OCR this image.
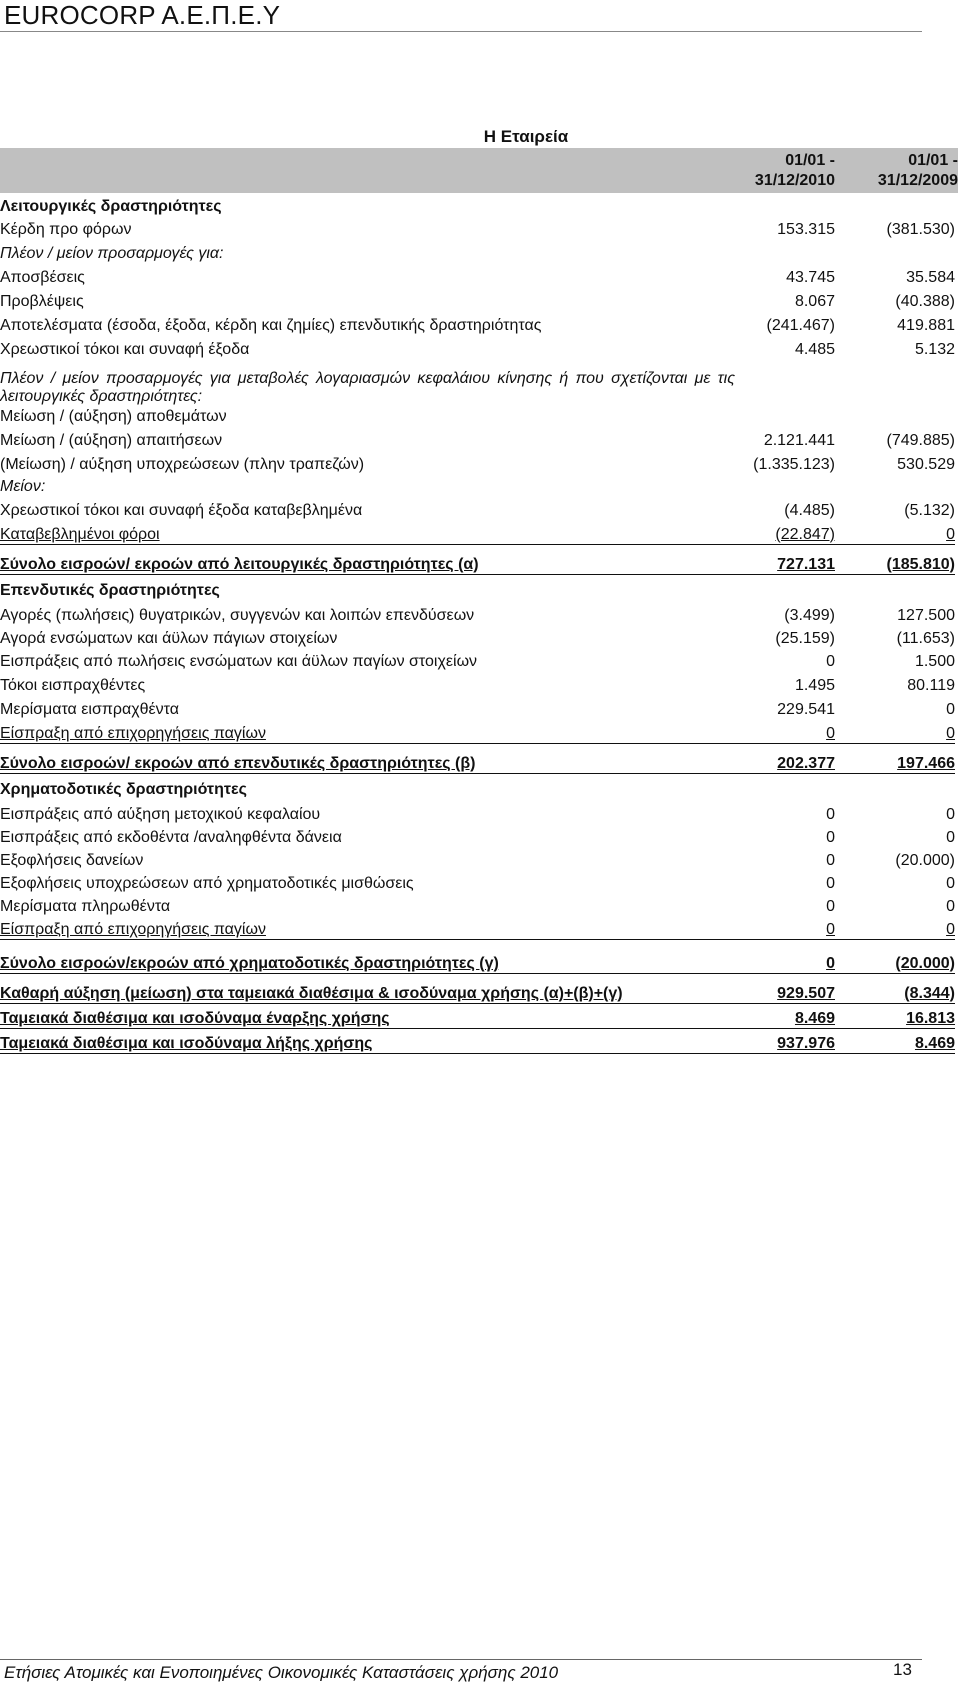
EUROCORP A.E.Π.E.Y
Η Εταιρεία
01/01 - 31/12/2010
01/01 - 31/12/2009
Λειτουργικές δραστηριότητες		
Κέρδη προ φόρων	153.315	(381.530)
Πλέον / μείον προσαρμογές για:		
Αποσβέσεις	43.745	35.584
Προβλέψεις	8.067	(40.388)
Αποτελέσματα (έσοδα, έξοδα, κέρδη και ζημίες) επενδυτικής δραστηριότητας	(241.467)	419.881
Χρεωστικοί τόκοι και συναφή έξοδα	4.485	5.132
Πλέον / μείον προσαρμογές για μεταβολές λογαριασμών κεφαλάιου κίνησης ή που σχετίζονται με τις λειτουργικές δραστηριότητες:		
Μείωση / (αύξηση) αποθεμάτων		
Μείωση / (αύξηση) απαιτήσεων	2.121.441	(749.885)
(Μείωση) / αύξηση υποχρεώσεων (πλην τραπεζών)	(1.335.123)	530.529
Μείον:		
Χρεωστικοί τόκοι και συναφή έξοδα καταβεβλημένα	(4.485)	(5.132)
Καταβεβλημένοι φόροι	(22.847)	0
Σύνολο εισροών/ εκροών από λειτουργικές δραστηριότητες (α)	727.131	(185.810)
Επενδυτικές δραστηριότητες		
Αγορές (πωλήσεις) θυγατρικών, συγγενών και λοιπών επενδύσεων	(3.499)	127.500
Αγορά ενσώματων και άϋλων πάγιων στοιχείων	(25.159)	(11.653)
Εισπράξεις από πωλήσεις ενσώματων και άϋλων παγίων στοιχείων	0	1.500
Τόκοι εισπραχθέντες	1.495	80.119
Μερίσματα εισπραχθέντα	229.541	0
Είσπραξη από επιχορηγήσεις παγίων	0	0
Σύνολο εισροών/ εκροών από επενδυτικές δραστηριότητες (β)	202.377	197.466
Χρηματοδοτικές δραστηριότητες		
Εισπράξεις από αύξηση μετοχικού κεφαλαίου	0	0
Εισπράξεις από εκδοθέντα /αναληφθέντα δάνεια	0	0
Εξοφλήσεις δανείων	0	(20.000)
Εξοφλήσεις υποχρεώσεων από χρηματοδοτικές μισθώσεις	0	0
Μερίσματα πληρωθέντα	0	0
Είσπραξη από επιχορηγήσεις παγίων	0	0
Σύνολο εισροών/εκροών από χρηματοδοτικές δραστηριότητες (γ)	0	(20.000)
Καθαρή αύξηση (μείωση) στα ταμειακά διαθέσιμα & ισοδύναμα χρήσης (α)+(β)+(γ)	929.507	(8.344)
Ταμειακά διαθέσιμα και ισοδύναμα έναρξης χρήσης	8.469	16.813
Ταμειακά διαθέσιμα και ισοδύναμα λήξης χρήσης	937.976	8.469
Ετήσιες Ατομικές και Ενοποιημένες Οικονομικές Καταστάσεις χρήσης 2010	13
